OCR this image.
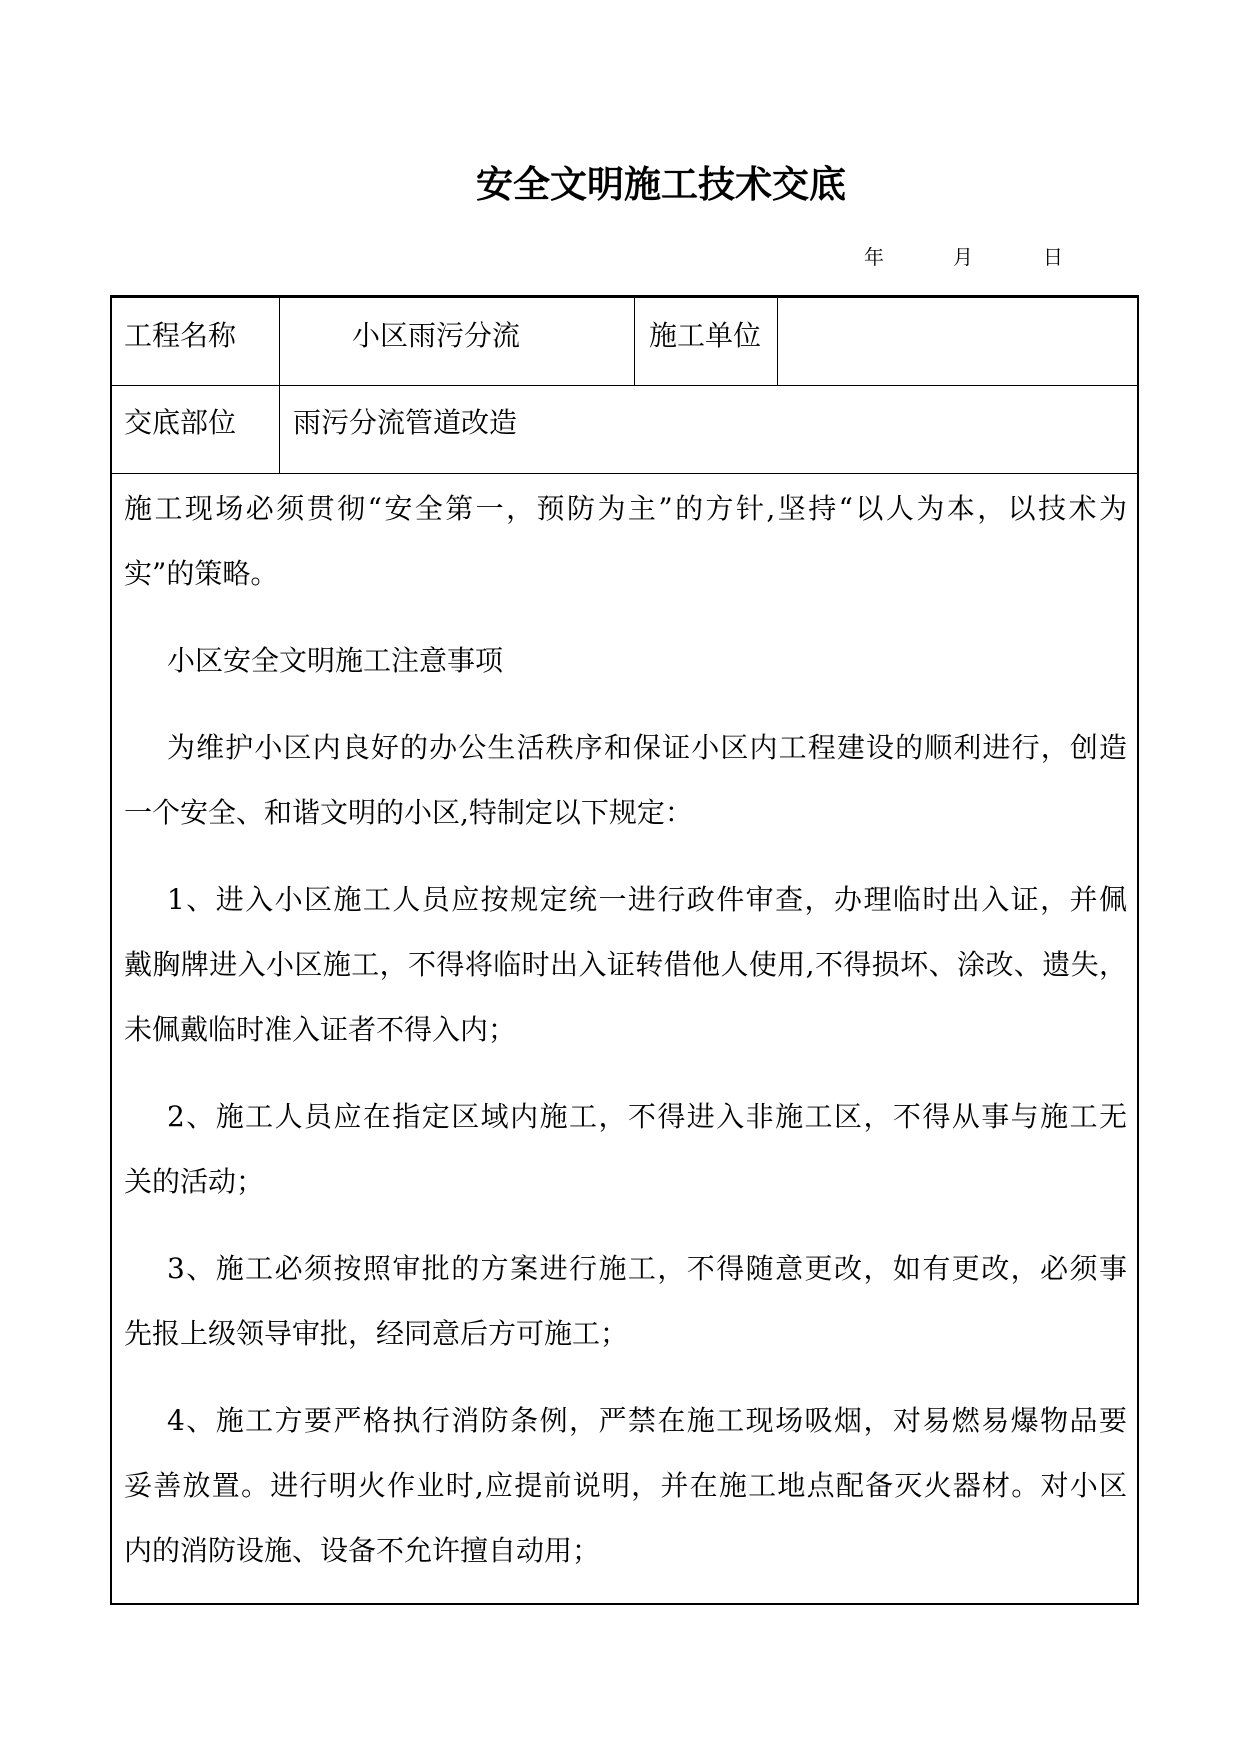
安全文明施工技术交底
年	月	日
工程名称	小区雨污分流	施工单位
交底部位	雨污分流管道改造
施工现场必须贯彻“安全第一，预防为主”的方针,坚持“以人为本，以技术为
实”的策略。
小区安全文明施工注意事项
为维护小区内良好的办公生活秩序和保证小区内工程建设的顺利进行，创造
一个安全、和谐文明的小区,特制定以下规定：
1、进入小区施工人员应按规定统一进行政件审查，办理临时出入证，并佩
戴胸牌进入小区施工，不得将临时出入证转借他人使用,不得损坏、涂改、遗失，
未佩戴临时准入证者不得入内；
2、施工人员应在指定区域内施工，不得进入非施工区，不得从事与施工无
关的活动；
3、施工必须按照审批的方案进行施工，不得随意更改，如有更改，必须事
先报上级领导审批，经同意后方可施工；
4、施工方要严格执行消防条例，严禁在施工现场吸烟，对易燃易爆物品要
妥善放置。进行明火作业时,应提前说明，并在施工地点配备灭火器材。对小区
内的消防设施、设备不允许擅自动用；
